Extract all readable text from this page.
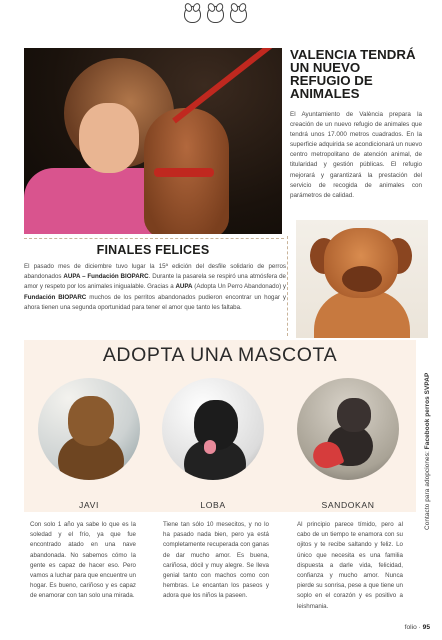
VALENCIA TENDRÁ UN NUEVO REFUGIO DE ANIMALES
El Ayuntamiento de València prepara la creación de un nuevo refugio de animales que tendrá unos 17.000 metros cuadrados. En la superficie adquirida se acondicionará un nuevo centro metropolitano de atención animal, de titularidad y gestión públicas. El refugio mejorará y garantizará la prestación del servicio de recogida de animales con parámetros de calidad.
FINALES FELICES
El pasado mes de diciembre tuvo lugar la 15ª edición del desfile solidario de perros abandonados AUPA – Fundación BIOPARC. Durante la pasarela se respiró una atmósfera de amor y respeto por los animales inigualable. Gracias a AUPA (Adopta Un Perro Abandonado) y Fundación BIOPARC muchos de los perritos abandonados pudieron encontrar un hogar y ahora tienen una segunda oportunidad para tener el amor que tanto les faltaba.
ADOPTA UNA MASCOTA
JAVI	LOBA	SANDOKAN
Con solo 1 año ya sabe lo que es la soledad y el frío, ya que fue encontrado atado en una nave abandonada. No sabemos cómo la gente es capaz de hacer eso. Pero vamos a luchar para que encuentre un hogar. Es bueno, cariñoso y es capaz de enamorar con tan solo una mirada.
Tiene tan sólo 10 mesecitos, y no lo ha pasado nada bien, pero ya está completamente recuperada con ganas de dar mucho amor. Es buena, cariñosa, dócil y muy alegre. Se lleva genial tanto con machos como con hembras. Le encantan los paseos y adora que los niños la paseen.
Al principio parece tímido, pero al cabo de un tiempo te enamora con su ojitos y te recibe saltando y feliz. Lo único que necesita es una familia dispuesta a darle vida, felicidad, confianza y mucho amor. Nunca pierde su sonrisa, pese a que tiene un soplo en el corazón y es positivo a leishmania.
Contacto para adopciones: Facebook perros SVPAP
folio · 95
